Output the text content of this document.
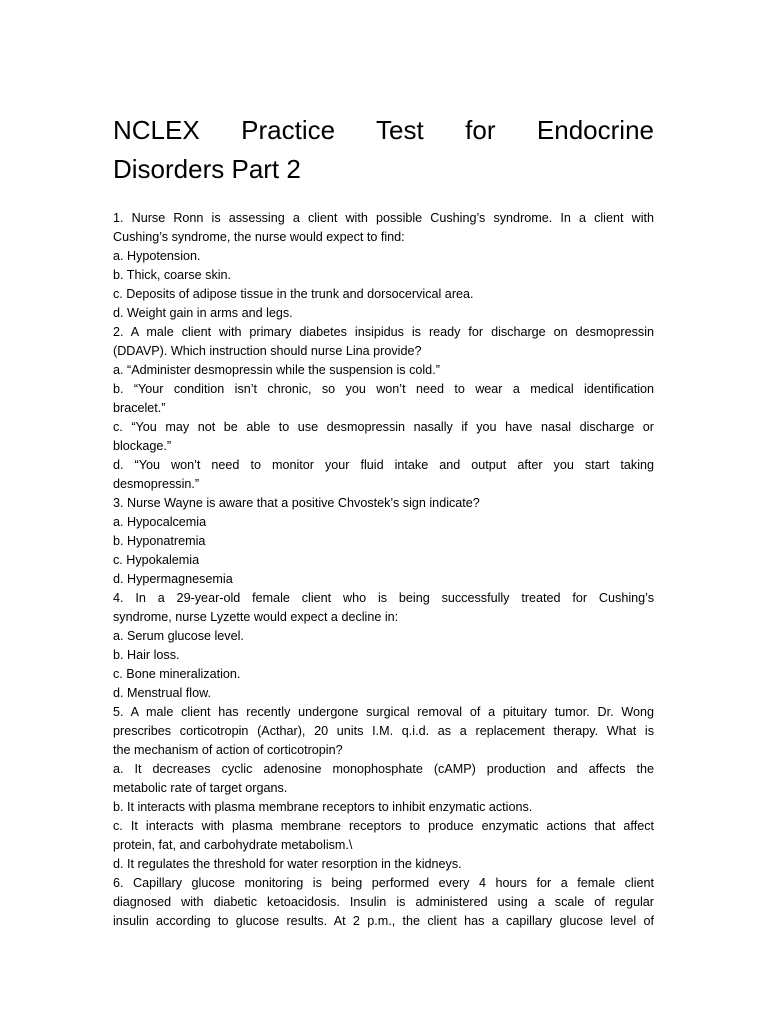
NCLEX Practice Test for Endocrine
Disorders Part 2

1. Nurse Ronn is assessing a client with possible Cushing’s syndrome. In a client with

Cushing’s syndrome, the nurse would expect to find:

a. Hypotension.

b. Thick, coarse skin.

c. Deposits of adipose tissue in the trunk and dorsocervical area.

d. Weight gain in arms and legs.

2. A male client with primary diabetes insipidus is ready for discharge on desmopressin

(DDAVP). Which instruction should nurse Lina provide?

a. “Administer desmopressin while the suspension is cold.”

b. “Your condition isn’t chronic, so you won’t need to wear a medical identification

bracelet.”

c. “You may not be able to use desmopressin nasally if you have nasal discharge or

blockage.”

d. “You won’t need to monitor your fluid intake and output after you start taking

desmopressin.”

3. Nurse Wayne is aware that a positive Chvostek’s sign indicate?

a. Hypocalcemia

b. Hyponatremia

c. Hypokalemia

d. Hypermagnesemia

4. In a 29-year-old female client who is being successfully treated for Cushing’s

syndrome, nurse Lyzette would expect a decline in:

a. Serum glucose level.

b. Hair loss.

c. Bone mineralization.

d. Menstrual flow.

5. A male client has recently undergone surgical removal of a pituitary tumor. Dr. Wong

prescribes corticotropin (Acthar), 20 units I.M. q.i.d. as a replacement therapy. What is

the mechanism of action of corticotropin?

a. It decreases cyclic adenosine monophosphate (cAMP) production and affects the

metabolic rate of target organs.

b. It interacts with plasma membrane receptors to inhibit enzymatic actions.

c. It interacts with plasma membrane receptors to produce enzymatic actions that affect

protein, fat, and carbohydrate metabolism.\

d. It regulates the threshold for water resorption in the kidneys.

6. Capillary glucose monitoring is being performed every 4 hours for a female client

diagnosed with diabetic ketoacidosis. Insulin is administered using a scale of regular

insulin according to glucose results. At 2 p.m., the client has a capillary glucose level of
